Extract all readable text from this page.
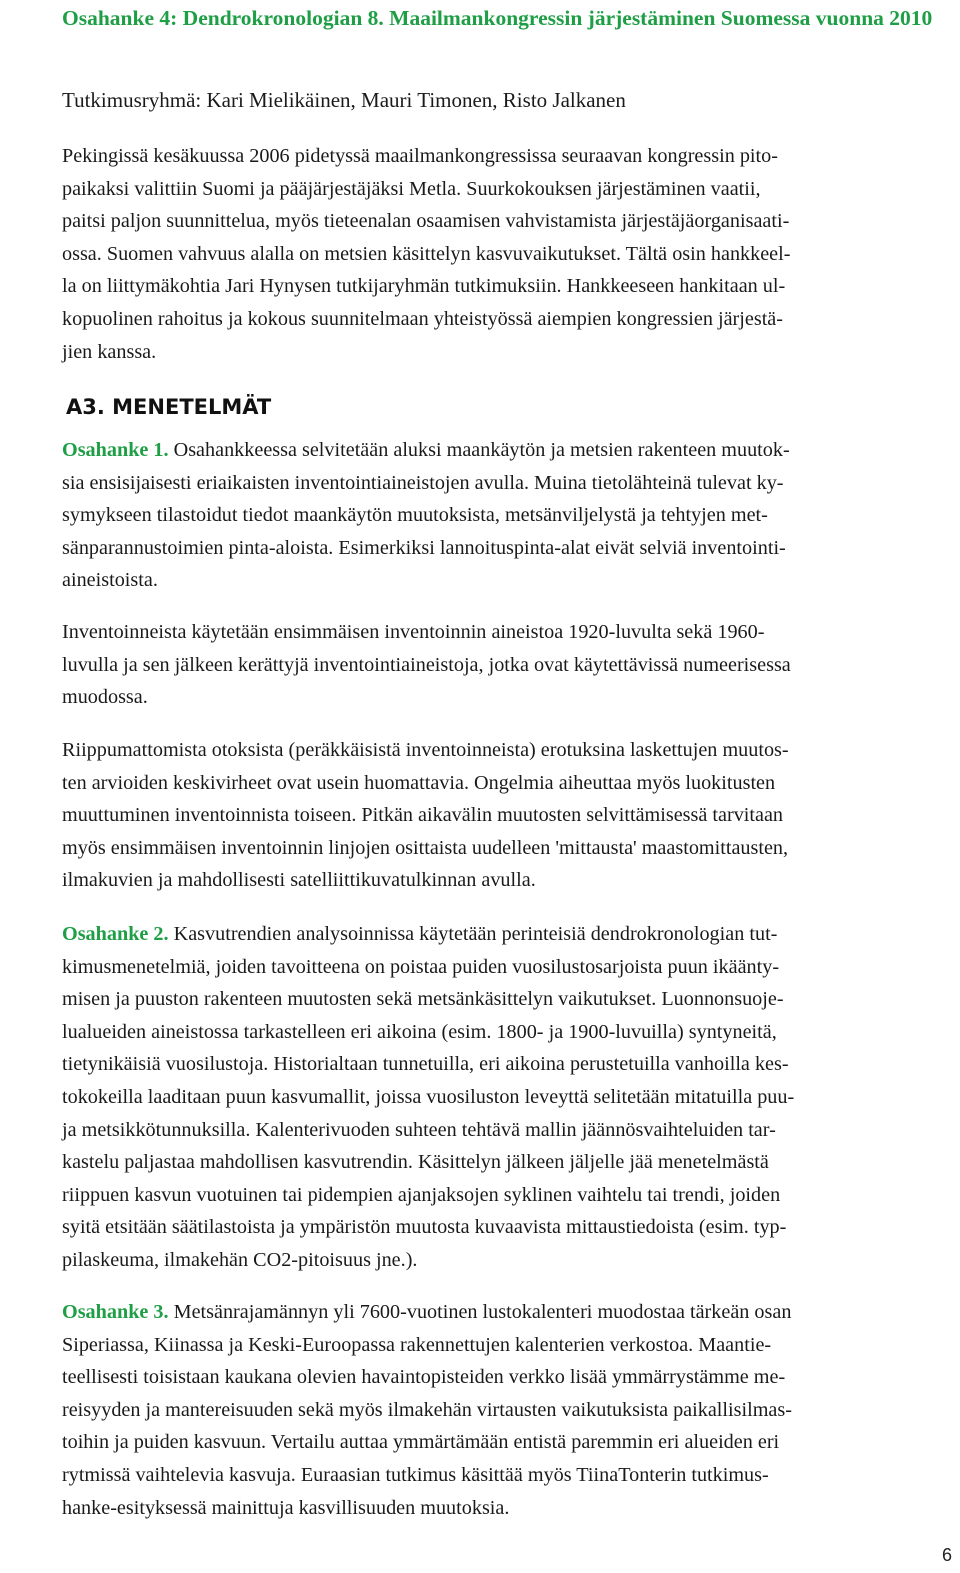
Osahanke 4: Dendrokronologian 8. Maailmankongressin järjestäminen Suomessa vuonna 2010
Tutkimusryhmä: Kari Mielikäinen, Mauri Timonen, Risto Jalkanen
Pekingissä kesäkuussa 2006 pidetyssä maailmankongressissa seuraavan kongressin pito-
paikaksi valittiin Suomi ja pääjärjestäjäksi Metla. Suurkokouksen järjestäminen vaatii,
paitsi paljon suunnittelua, myös tieteenalan osaamisen vahvistamista järjestäjäorganisaati-
ossa. Suomen vahvuus alalla on metsien käsittelyn kasvuvaikutukset. Tältä osin hankkeel-
la on liittymäkohtia Jari Hynysen tutkijaryhmän tutkimuksiin. Hankkeeseen hankitaan ul-
kopuolinen rahoitus ja kokous suunnitelmaan yhteistyössä aiempien kongressien järjestä-
jien kanssa.
A3. MENETELMÄT
Osahanke 1. Osahankkeessa selvitetään aluksi maankäytön ja metsien rakenteen muutok-
sia ensisijaisesti eriaikaisten inventointiaineistojen avulla. Muina tietolähteinä tulevat ky-
symykseen tilastoidut tiedot maankäytön muutoksista, metsänviljelystä ja tehtyjen met-
sänparannustoimien pinta-aloista. Esimerkiksi lannoituspinta-alat eivät selviä inventointi-
aineistoista.
Inventoinneista käytetään ensimmäisen inventoinnin aineistoa 1920-luvulta sekä 1960-
luvulla ja sen jälkeen kerättyjä inventointiaineistoja, jotka ovat käytettävissä numeerisessa
muodossa.
Riippumattomista otoksista (peräkkäisistä inventoinneista) erotuksina laskettujen muutos-
ten arvioiden keskivirheet ovat usein huomattavia. Ongelmia aiheuttaa myös luokitusten
muuttuminen inventoinnista toiseen. Pitkän aikavälin muutosten selvittämisessä tarvitaan
myös ensimmäisen inventoinnin linjojen osittaista uudelleen 'mittausta' maastomittausten,
ilmakuvien ja mahdollisesti satelliittikuvatulkinnan avulla.
Osahanke 2. Kasvutrendien analysoinnissa käytetään perinteisiä dendrokronologian tut-
kimusmenetelmiä, joiden tavoitteena on poistaa puiden vuosilustosarjoista puun ikäänty-
misen ja puuston rakenteen muutosten sekä metsänkäsittelyn vaikutukset. Luonnonsuoje-
lualueiden aineistossa tarkastelleen eri aikoina (esim. 1800- ja 1900-luvuilla) syntyneitä,
tietynikäisiä vuosilustoja. Historialtaan tunnetuilla, eri aikoina perustetuilla vanhoilla kes-
tokokeilla laaditaan puun kasvumallit, joissa vuosiluston leveyttä selitetään mitatuilla puu-
ja metsikkötunnuksilla. Kalenterivuoden suhteen tehtävä mallin jäännösvaihteluiden tar-
kastelu paljastaa mahdollisen kasvutrendin. Käsittelyn jälkeen jäljelle jää menetelmästä
riippuen kasvun vuotuinen tai pidempien ajanjaksojen syklinen vaihtelu tai trendi, joiden
syitä etsitään säätilastoista ja ympäristön muutosta kuvaavista mittaustiedoista (esim. typ-
pilaskeuma, ilmakehän CO2-pitoisuus jne.).
Osahanke 3. Metsänrajamännyn yli 7600-vuotinen lustokalenteri muodostaa tärkeän osan
Siperiassa, Kiinassa ja Keski-Euroopassa rakennettujen kalenterien verkostoa. Maantie-
teellisesti toisistaan kaukana olevien havaintopisteiden verkko lisää ymmärrystämme me-
reisyyden ja mantereisuuden sekä myös ilmakehän virtausten vaikutuksista paikallisilmas-
toihin ja puiden kasvuun. Vertailu auttaa ymmärtämään entistä paremmin eri alueiden eri
rytmissä vaihtelevia kasvuja. Euraasian tutkimus käsittää myös TiinaTonterin tutkimus-
hanke-esityksessä mainittuja kasvillisuuden muutoksia.
6
